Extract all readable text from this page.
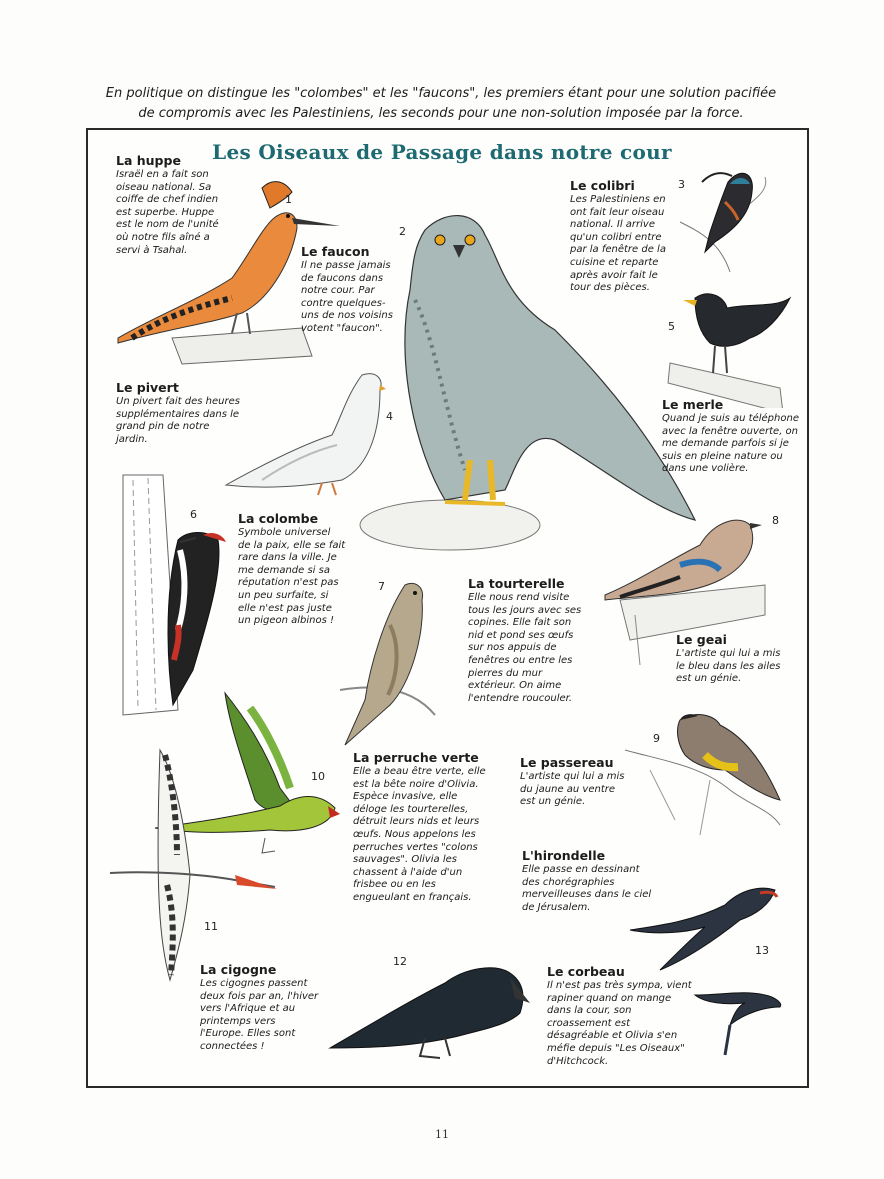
En politique on distingue les "colombes" et les "faucons", les premiers étant pour une solution pacifiée de compromis avec les Palestiniens, les seconds pour une non-solution imposée par la force.
Les Oiseaux de Passage dans notre cour
1
2
3
4
5
6
7
8
9
10
11
12
13
La huppe

Israël en a fait son oiseau national. Sa coiffe de chef indien est superbe. Huppe est le nom de l'unité où notre fils aîné a servi à Tsahal.	Le faucon

Il ne passe jamais de faucons dans notre cour. Par contre quelques-uns de nos voisins votent "faucon".

Le colibri

Les Palestiniens en ont fait leur oiseau national. Il arrive qu'un colibri entre par la fenêtre de la cuisine et reparte après avoir fait le tour des pièces.

Le pivert

Un pivert fait des heures supplémentaires dans le grand pin de notre jardin.

Le merle

Quand je suis au téléphone avec la fenêtre ouverte, on me demande parfois si je suis en pleine nature ou dans une volière.

La colombe

Symbole universel de la paix, elle se fait rare dans la ville. Je me demande si sa réputation n'est pas un peu surfaite, si elle n'est pas juste un pigeon albinos !

La tourterelle

Elle nous rend visite tous les jours avec ses copines. Elle fait son nid et pond ses œufs sur nos appuis de fenêtres ou entre les pierres du mur extérieur. On aime l'entendre roucouler.

Le geai

L'artiste qui lui a mis le bleu dans les ailes est un génie.

La perruche verte

Elle a beau être verte, elle est la bête noire d'Olivia. Espèce invasive, elle déloge les tourterelles, détruit leurs nids et leurs œufs. Nous appelons les perruches vertes "colons sauvages". Olivia les chassent à l'aide d'un frisbee ou en les engueulant en français.

Le passereau

L'artiste qui lui a mis du jaune au ventre est un génie.

L'hirondelle

Elle passe en dessinant des chorégraphies merveilleuses dans le ciel de Jérusalem.

La cigogne

Les cigognes passent deux fois par an, l'hiver vers l'Afrique et au printemps vers l'Europe. Elles sont connectées !

Le corbeau

Il n'est pas très sympa, vient rapiner quand on mange dans la cour, son croassement est désagréable et Olivia s'en méfie depuis "Les Oiseaux" d'Hitchcock.

11
